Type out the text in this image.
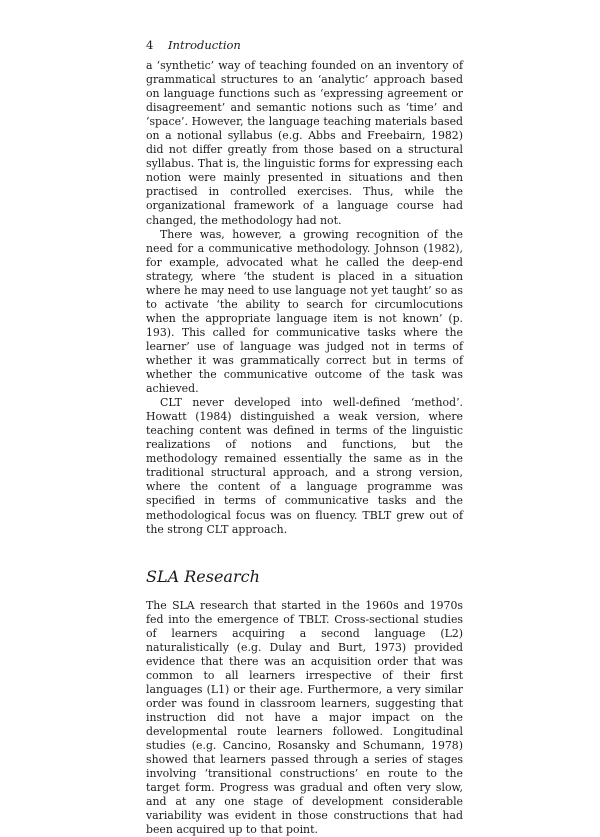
4 Introduction

a ‘synthetic’ way of teaching founded on an inventory of grammatical structures to an ‘analytic’ approach based on language functions such as ‘expressing agreement or disagreement’ and semantic notions such as ‘time’ and ‘space’. However, the language teaching materials based on a notional syllabus (e.g. Abbs and Freebairn, 1982) did not differ greatly from those based on a structural syllabus. That is, the linguistic forms for expressing each notion were mainly presented in situations and then practised in controlled exercises. Thus, while the organizational framework of a language course had changed, the methodology had not.

There was, however, a growing recognition of the need for a communicative methodology. Johnson (1982), for example, advocated what he called the deep-end strategy, where ‘the student is placed in a situation where he may need to use language not yet taught’ so as to activate ‘the ability to search for circumlocutions when the appropriate language item is not known’ (p. 193). This called for communicative tasks where the learner’ use of language was judged not in terms of whether it was grammatically correct but in terms of whether the communicative outcome of the task was achieved.

CLT never developed into well-defined ‘method’. Howatt (1984) distinguished a weak version, where teaching content was defined in terms of the linguistic realizations of notions and functions, but the methodology remained essentially the same as in the traditional structural approach, and a strong version, where the content of a language programme was specified in terms of communicative tasks and the methodological focus was on fluency. TBLT grew out of the strong CLT approach.

SLA Research

The SLA research that started in the 1960s and 1970s fed into the emergence of TBLT. Cross-sectional studies of learners acquiring a second language (L2) naturalistically (e.g. Dulay and Burt, 1973) provided evidence that there was an acquisition order that was common to all learners irrespective of their first languages (L1) or their age. Furthermore, a very similar order was found in classroom learners, suggesting that instruction did not have a major impact on the developmental route learners followed. Longitudinal studies (e.g. Cancino, Rosansky and Schumann, 1978) showed that learners passed through a series of stages involving ‘transitional constructions’ en route to the target form. Progress was gradual and often very slow, and at any one stage of development considerable variability was evident in those constructions that had been acquired up to that point.
